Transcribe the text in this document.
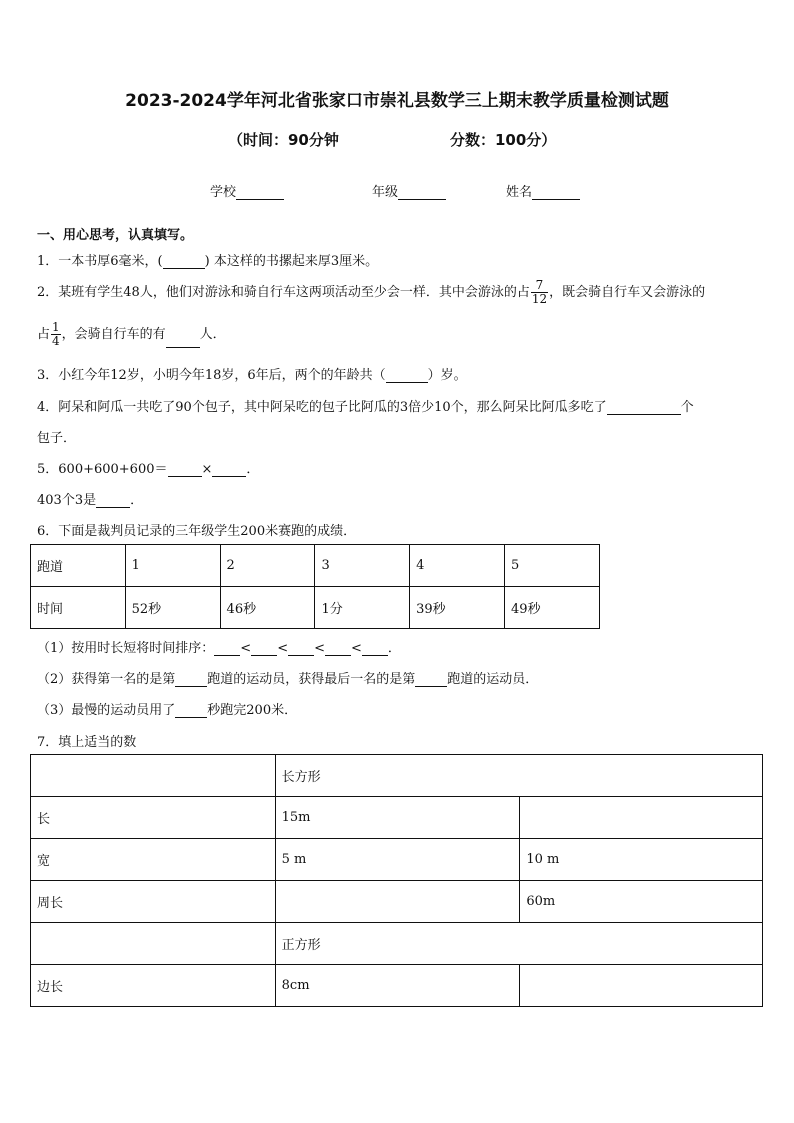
2023-2024学年河北省张家口市崇礼县数学三上期末教学质量检测试题
（时间：90分钟	分数：100分）
学校	年级	姓名
一、用心思考，认真填写。
1．一本书厚6毫米，(	) 本这样的书摞起来厚3厘米。
2．某班有学生48人，他们对游泳和骑自行车这两项活动至少会一样．其中会游泳的占 $\frac{7}{12}$ ，既会骑自行车又会游泳的
占 $\frac{1}{4}$ ，会骑自行车的有	人．
3．小红今年12岁，小明今年18岁，6年后，两个的年龄共（	）岁。
4．阿呆和阿瓜一共吃了90个包子，其中阿呆吃的包子比阿瓜的3倍少10个，那么阿呆比阿瓜多吃了	个
包子．
5．600+600+600＝	×	．
403个3是	．
6．下面是裁判员记录的三年级学生200米赛跑的成绩．
跑道	1	2	3	4	5
时间	52秒	46秒	1分	39秒	49秒
（1）按用时长短将时间排序： < < < < ．
（2）获得第一名的是第 跑道的运动员，获得最后一名的是第 跑道的运动员．
（3）最慢的运动员用了 秒跑完200米．
7．填上适当的数
	长方形	
长	15m	
宽	5 m	10 m
周长		60m
	正方形	
边长	8cm	
